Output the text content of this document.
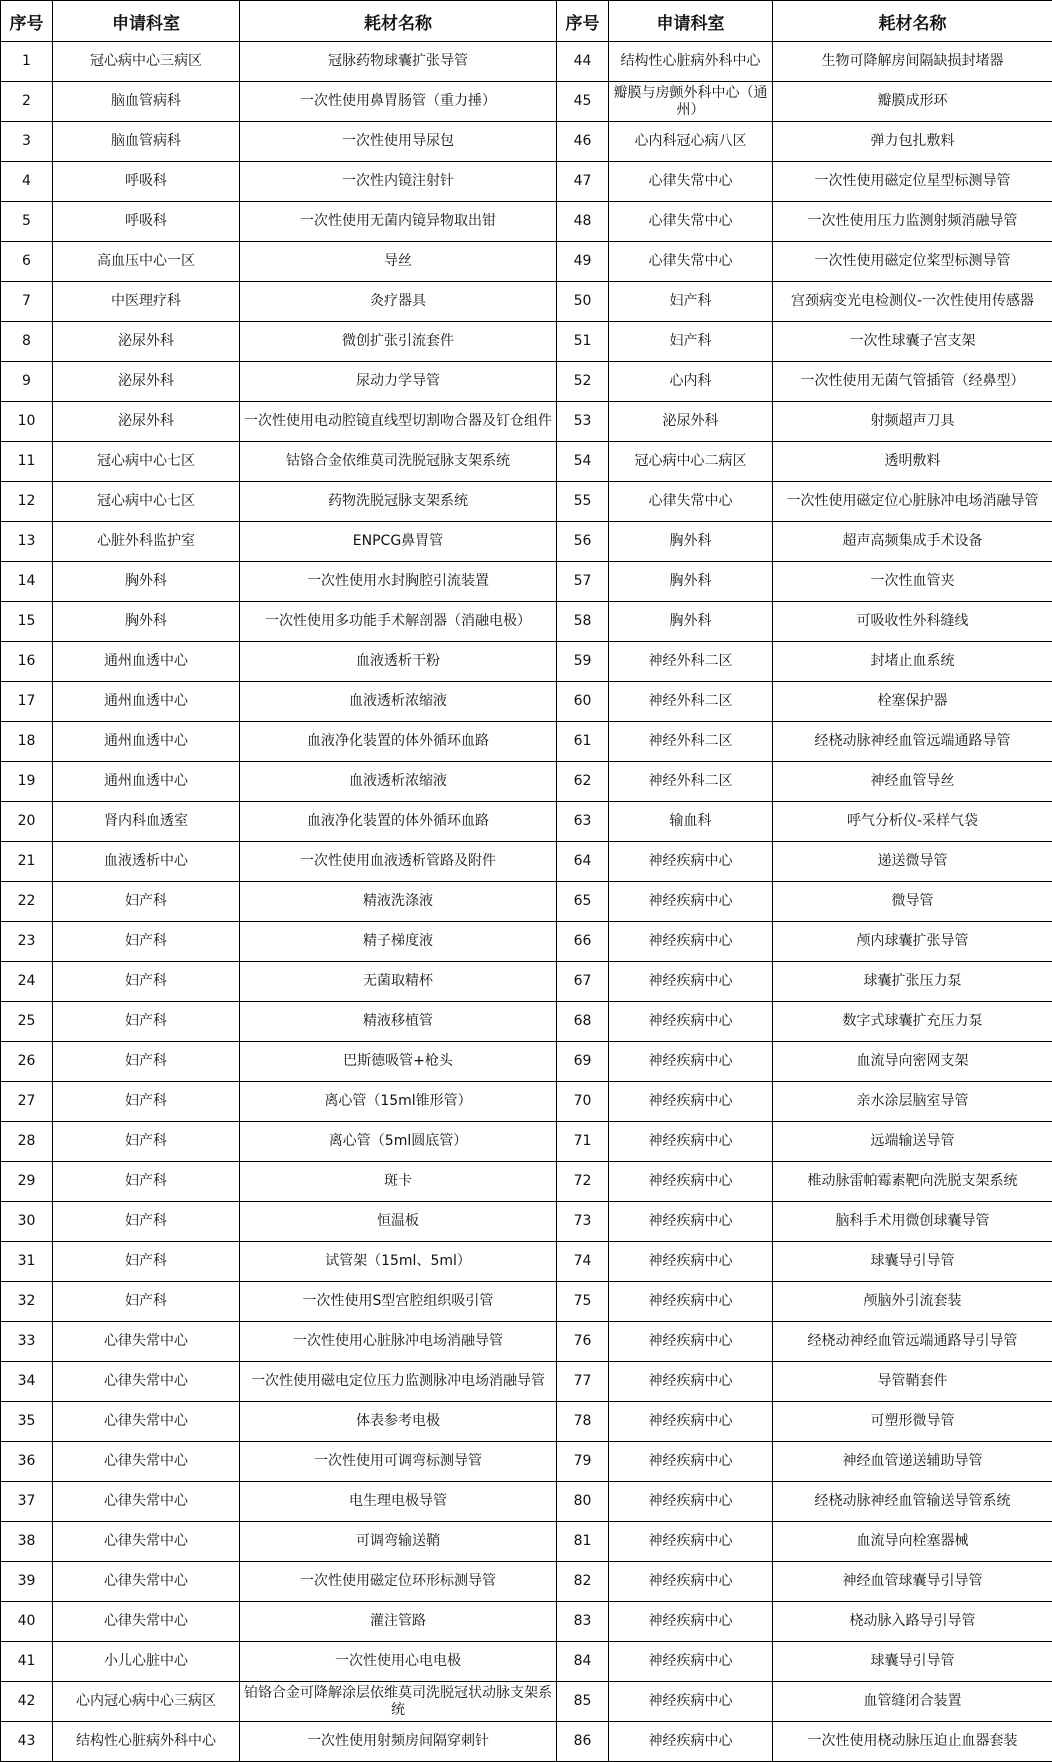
序号	申请科室	耗材名称	序号	申请科室	耗材名称
1	冠心病中心三病区	冠脉药物球囊扩张导管	44	结构性心脏病外科中心	生物可降解房间隔缺损封堵器
2	脑血管病科	一次性使用鼻胃肠管（重力捶）	45	瓣膜与房颤外科中心（通州）	瓣膜成形环
3	脑血管病科	一次性使用导尿包	46	心内科冠心病八区	弹力包扎敷料
4	呼吸科	一次性内镜注射针	47	心律失常中心	一次性使用磁定位星型标测导管
5	呼吸科	一次性使用无菌内镜异物取出钳	48	心律失常中心	一次性使用压力监测射频消融导管
6	高血压中心一区	导丝	49	心律失常中心	一次性使用磁定位桨型标测导管
7	中医理疗科	灸疗器具	50	妇产科	宫颈病变光电检测仪-一次性使用传感器
8	泌尿外科	微创扩张引流套件	51	妇产科	一次性球囊子宫支架
9	泌尿外科	尿动力学导管	52	心内科	一次性使用无菌气管插管（经鼻型）
10	泌尿外科	一次性使用电动腔镜直线型切割吻合器及钉仓组件	53	泌尿外科	射频超声刀具
11	冠心病中心七区	钴铬合金依维莫司洗脱冠脉支架系统	54	冠心病中心二病区	透明敷料
12	冠心病中心七区	药物洗脱冠脉支架系统	55	心律失常中心	一次性使用磁定位心脏脉冲电场消融导管
13	心脏外科监护室	ENPCG鼻胃管	56	胸外科	超声高频集成手术设备
14	胸外科	一次性使用水封胸腔引流装置	57	胸外科	一次性血管夹
15	胸外科	一次性使用多功能手术解剖器（消融电极）	58	胸外科	可吸收性外科缝线
16	通州血透中心	血液透析干粉	59	神经外科二区	封堵止血系统
17	通州血透中心	血液透析浓缩液	60	神经外科二区	栓塞保护器
18	通州血透中心	血液净化装置的体外循环血路	61	神经外科二区	经桡动脉神经血管远端通路导管
19	通州血透中心	血液透析浓缩液	62	神经外科二区	神经血管导丝
20	肾内科血透室	血液净化装置的体外循环血路	63	输血科	呼气分析仪-采样气袋
21	血液透析中心	一次性使用血液透析管路及附件	64	神经疾病中心	递送微导管
22	妇产科	精液洗涤液	65	神经疾病中心	微导管
23	妇产科	精子梯度液	66	神经疾病中心	颅内球囊扩张导管
24	妇产科	无菌取精杯	67	神经疾病中心	球囊扩张压力泵
25	妇产科	精液移植管	68	神经疾病中心	数字式球囊扩充压力泵
26	妇产科	巴斯德吸管+枪头	69	神经疾病中心	血流导向密网支架
27	妇产科	离心管（15ml锥形管）	70	神经疾病中心	亲水涂层脑室导管
28	妇产科	离心管（5ml圆底管）	71	神经疾病中心	远端输送导管
29	妇产科	斑卡	72	神经疾病中心	椎动脉雷帕霉素靶向洗脱支架系统
30	妇产科	恒温板	73	神经疾病中心	脑科手术用微创球囊导管
31	妇产科	试管架（15ml、5ml）	74	神经疾病中心	球囊导引导管
32	妇产科	一次性使用S型宫腔组织吸引管	75	神经疾病中心	颅脑外引流套装
33	心律失常中心	一次性使用心脏脉冲电场消融导管	76	神经疾病中心	经桡动神经血管远端通路导引导管
34	心律失常中心	一次性使用磁电定位压力监测脉冲电场消融导管	77	神经疾病中心	导管鞘套件
35	心律失常中心	体表参考电极	78	神经疾病中心	可塑形微导管
36	心律失常中心	一次性使用可调弯标测导管	79	神经疾病中心	神经血管递送辅助导管
37	心律失常中心	电生理电极导管	80	神经疾病中心	经桡动脉神经血管输送导管系统
38	心律失常中心	可调弯输送鞘	81	神经疾病中心	血流导向栓塞器械
39	心律失常中心	一次性使用磁定位环形标测导管	82	神经疾病中心	神经血管球囊导引导管
40	心律失常中心	灌注管路	83	神经疾病中心	桡动脉入路导引导管
41	小儿心脏中心	一次性使用心电电极	84	神经疾病中心	球囊导引导管
42	心内冠心病中心三病区	铂铬合金可降解涂层依维莫司洗脱冠状动脉支架系统	85	神经疾病中心	血管缝闭合装置
43	结构性心脏病外科中心	一次性使用射频房间隔穿刺针	86	神经疾病中心	一次性使用桡动脉压迫止血器套装
